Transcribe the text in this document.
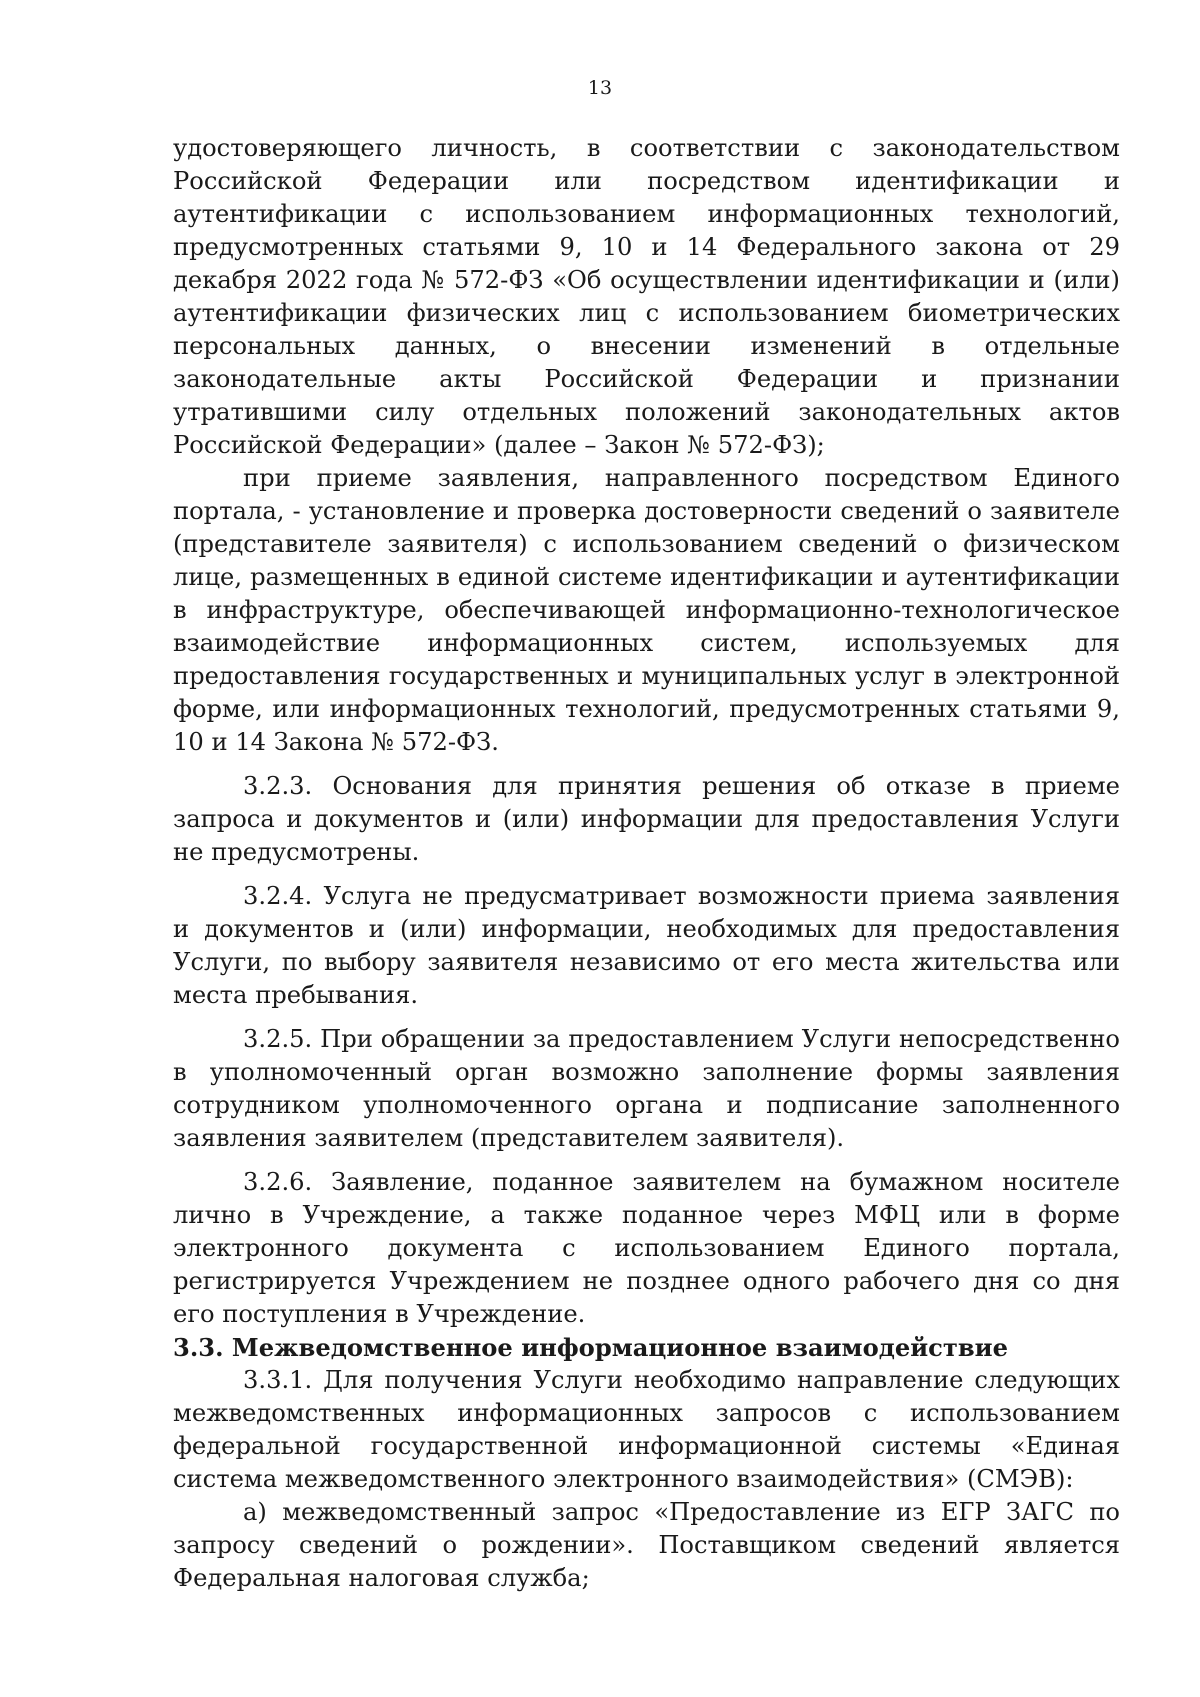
13

удостоверяющего личность, в соответствии с законодательством Российской Федерации или посредством идентификации и аутентификации с использованием информационных технологий, предусмотренных статьями 9, 10 и 14 Федерального закона от 29 декабря 2022 года № 572-ФЗ «Об осуществлении идентификации и (или) аутентификации физических лиц с использованием биометрических персональных данных, о внесении изменений в отдельные законодательные акты Российской Федерации и признании утратившими силу отдельных положений законодательных актов Российской Федерации» (далее – Закон № 572-ФЗ);

при приеме заявления, направленного посредством Единого портала, - установление и проверка достоверности сведений о заявителе (представителе заявителя) с использованием сведений о физическом лице, размещенных в единой системе идентификации и аутентификации в инфраструктуре, обеспечивающей информационно-технологическое взаимодействие информационных систем, используемых для предоставления государственных и муниципальных услуг в электронной форме, или информационных технологий, предусмотренных статьями 9, 10 и 14 Закона № 572-ФЗ.

3.2.3. Основания для принятия решения об отказе в приеме запроса и документов и (или) информации для предоставления Услуги не предусмотрены.

3.2.4. Услуга не предусматривает возможности приема заявления и документов и (или) информации, необходимых для предоставления Услуги, по выбору заявителя независимо от его места жительства или места пребывания.

3.2.5. При обращении за предоставлением Услуги непосредственно в уполномоченный орган возможно заполнение формы заявления сотрудником уполномоченного органа и подписание заполненного заявления заявителем (представителем заявителя).

3.2.6. Заявление, поданное заявителем на бумажном носителе лично в Учреждение, а также поданное через МФЦ или в форме электронного документа с использованием Единого портала, регистрируется Учреждением не позднее одного рабочего дня со дня его поступления в Учреждение.

3.3. Межведомственное информационное взаимодействие

3.3.1. Для получения Услуги необходимо направление следующих межведомственных информационных запросов с использованием федеральной государственной информационной системы «Единая система межведомственного электронного взаимодействия» (СМЭВ):

а) межведомственный запрос «Предоставление из ЕГР ЗАГС по запросу сведений о рождении». Поставщиком сведений является Федеральная налоговая служба;
